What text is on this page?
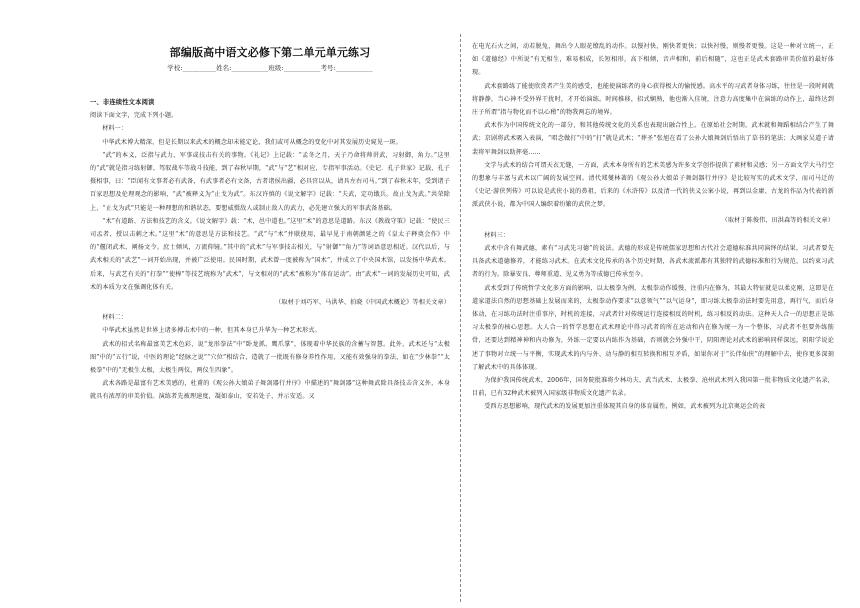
部编版高中语文必修下第二单元单元练习
学校:__________姓名:___________班级:___________考号:___________
一、非连续性文本阅读

阅读下面文字，完成下列小题。

材料一：

中华武术博大精深，但是长期以来武术的概念却未能定论，我们或可从概念的变化中对其发展历史窥见一斑。

“武”的本义，泛指与武力、军事或技击有关的事物。《礼记》上记载：“孟冬之月，天子乃命将帅讲武，习射御，角力。”这里的“武”就是指习练射御、驾驭战车等战斗技能，到了春秋早期，“武”与“艺”相对应，专指军事活动。《史记．孔子世家》记载，孔子摄相事，曰：“臣闻有文事者必有武备，有武事者必有文备，古者诸侯出疆，必具官以从，请具左右司马。”到了春秋末年，受到诸子百家思想及伦理观念的影响，“武”被释义为“止戈为武”。东汉许慎的《说文解字》记载：“夫武，定功戢兵。故止戈为武。”共荣除上，“止戈为武”只能是一种理想的和谐状态，要想威慑敌人或制止敌人的武力，必先建立强大的军事武备基础。

“术”有道路、方法和技艺的含义。《说文解字》载：“术，邑中道也。”这里“术”的意思是道路。东汉《教战守策》记载：“使民三司孟者，授以击刺之术。”这里“术”的意思是方法和技艺。“武”与“术”并联使用，最早见于南朝颜延之的《皇太子释奠会作》中的“偃闭武术，阐扬文令。庶士倾风，万流仰镜。”其中的“武术”与军事技击相关，与“射御”“角力”等词语意思相近。汉代以后，与武术相关的“武艺”一词开始出现，并被广泛使用。民国时期，武术曾一度被称为“国术”，并成立了中央国术馆，以发扬中华武术。后来，与武艺有关的“打拳”“使棒”等技艺统称为“武术”，与文相对的“武术”被称为“体育运动”。由“武术”一词的发展历史可知，武术的本质为文在强调化体有关。

（取材于刘巧军、马洪华、拍晓《中国武术概论》等相关文章）

材料二：

中华武术虽然是世界上诸多搏击术中的一种，但其本身已升华为一种艺术形式。

武术的招式名称最富美艺术色彩，说“龙形拳法”中“卧龙抓、鹰爪掌”，体现着中华民族的含蓄与智慧。此外，武术还与“太极图”中的“五行”说，中医的理论“经脉之说”“穴位”相结合，造就了一批既有修身养性作用，又能有效强身的拳法，如在“少林拳”“太极拳”中的“无极生太极，太极生两仪，两仪生四象”。

武术各路是最富有艺术美感的，杜甫的《观公孙大娘弟子舞剑器行并序》中描述的“舞剑器”这种舞武除具备技击含义外，本身就具有浓厚的审美价值。演练者先被理速度，凝如泰山，安若处子，并示安适。又

在电光石火之间，动若脱兔，舞出令人眼花缭乱的动作。以慢衬快，刚快者更快；以快衬慢，则慢者更慢。这是一种对立统一，正如《道德经》中所说“有无相生，难易相成，长短相形，高下相倾，音声相和，前后相随”，这也正是武术套路审美价值的最好体现。

武术套路练了能使欣赏者产生美的感受，也能使演练者的身心获得极大的愉悦感。高水平的习武者身体习练，往往是一段时间就将静静，当心神不受外界干扰时，才开始演练。时间推移，招式娴熟，他也渐入佳境，注意力高度集中在演练的动作上，最终达到庄子所谓“指与物化而不以心稽”的物我两忘的境界。

武术作为中国传统文化的一部分，和其他传统文化的关系也表现出融合性上。在原始社会时期，武术就和舞蹈相结合产生了舞武；京剧将武术吸入表演，“唱念做打”中的“打”就是武术；“葬圣”张旭在看了公孙大娘舞剑后悟出了草书的笔法；大画家吴道子请裴将军舞剑以助挥毫……

文学与武术的结合可谓天衣无缝，一方面，武术本身所有的艺术美感为许多文学创作提供了素材和灵感；另一方面文学大马行空的想象与丰富与武术以广阔的发展空间。清代郑燮林著的《观公孙大娘弟子舞剑器行并序》是比较写实的武术文学，而司马迁的《史记·游侠列传》可以说是武侠小说的鼻祖，后来的《水浒传》以及清一代的侠义公案小说，再到以金庸、古龙的作品为代表的新派武侠小说，都为中国人编织着纷繁的武侠之梦。

（取材于陈俊伟、田洪森等的相关文章）

材料三：

武术中含有舞武德，素有“习武先习德”的说法。武德的形成是传统儒家思想和古代社会道德标准共同演绎的结果，习武者要先具备武术道德修养，才能练习武术。在武术文化传承的各个历史时期，各武术流派都有其独特的武德标准和行为规范，以约束习武者的行为。除暴安良、尊师重道、见义勇为等成德已传承至今。

武术受到了传统哲学文化多方面的影响，以太极拳为例，太极拳动作缓慢，注重内在修为，其最大特征就是以柔克刚，这即是在道家道法自然的思想基础上发展而来的，太极拳动作要求“以意领气”“以气运身”，即习练太极拳动法时要先用意，再行气，而后身体动，在习练功法时注重事序，时机的连接，习武者针对传统运行连接相反的时机，练习相反的动法。这种天人合一的思想正是练习太极拳的核心思想。大人合一的哲学思想在武术理论中得习武者的所在运动和内在修为统一为一个整体，习武者不但要外练筋骨，还要达到精神神和内功修为，外练一定要以内练作为基础，否则就会外强中干，阴阳理论对武术的影响同样深远，阴阳学说论述了事物对立统一与平衡，实现武术的内与外、动与静的相互转换和相互矛盾，如果你对于“长伴仙侠”的理解中去，使你更多深刻了解武术中的具体体现。

为保护我国传统武术，2006年，国务院批准将少林功夫、武当武术、太极拳、沧州武术列入我国第一批非物质文化遗产名录，目前，已有32种武术被列入国家级非物质文化遗产名录。

受西方思想影响，现代武术的发展更加注重体现其自身的体育属性，例如，武术被列为北京奥运会的表
